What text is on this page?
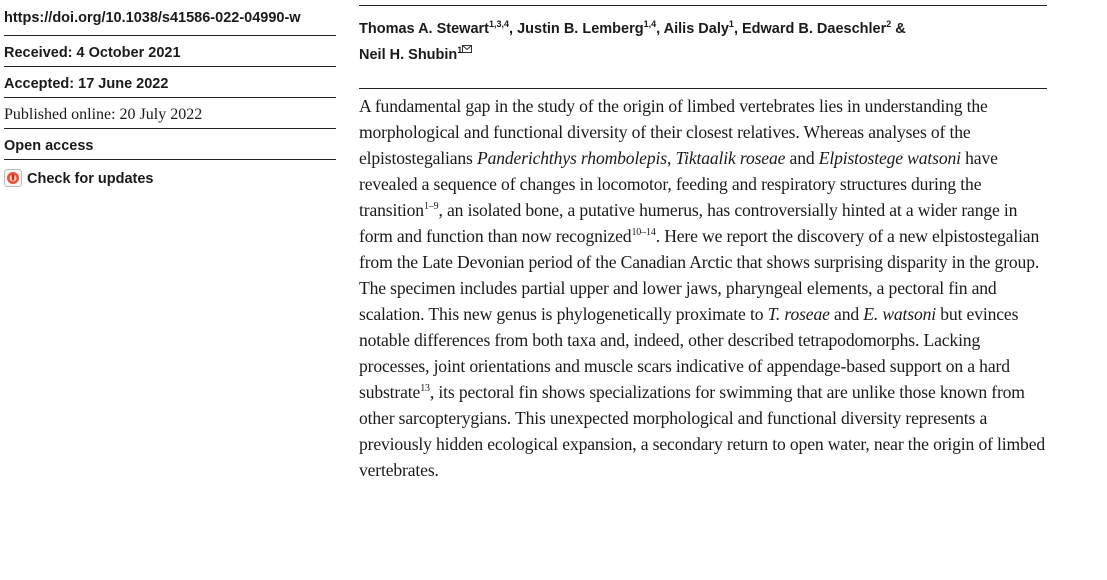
https://doi.org/10.1038/s41586-022-04990-w
Received: 4 October 2021
Accepted: 17 June 2022
Published online: 20 July 2022
Open access
Check for updates
Thomas A. Stewart$^{1,3,4}$, Justin B. Lemberg$^{1,4}$, Ailis Daly$^1$, Edward B. Daeschler$^2$ &
Neil H. Shubin$^1$

A fundamental gap in the study of the origin of limbed vertebrates lies in understanding the morphological and functional diversity of their closest relatives. Whereas analyses of the elpistostegalians Panderichthys rhombolepis, Tiktaalik roseae and Elpistostege watsoni have revealed a sequence of changes in locomotor, feeding and respiratory structures during the transition$^{1-9}$, an isolated bone, a putative humerus, has controversially hinted at a wider range in form and function than now recognized$^{10-14}$. Here we report the discovery of a new elpistostegalian from the Late Devonian period of the Canadian Arctic that shows surprising disparity in the group. The specimen includes partial upper and lower jaws, pharyngeal elements, a pectoral fin and scalation. This new genus is phylogenetically proximate to T. roseae and E. watsoni but evinces notable differences from both taxa and, indeed, other described tetrapodomorphs. Lacking processes, joint orientations and muscle scars indicative of appendage-based support on a hard substrate$^{13}$, its pectoral fin shows specializations for swimming that are unlike those known from other sarcopterygians. This unexpected morphological and functional diversity represents a previously hidden ecological expansion, a secondary return to open water, near the origin of limbed vertebrates.
